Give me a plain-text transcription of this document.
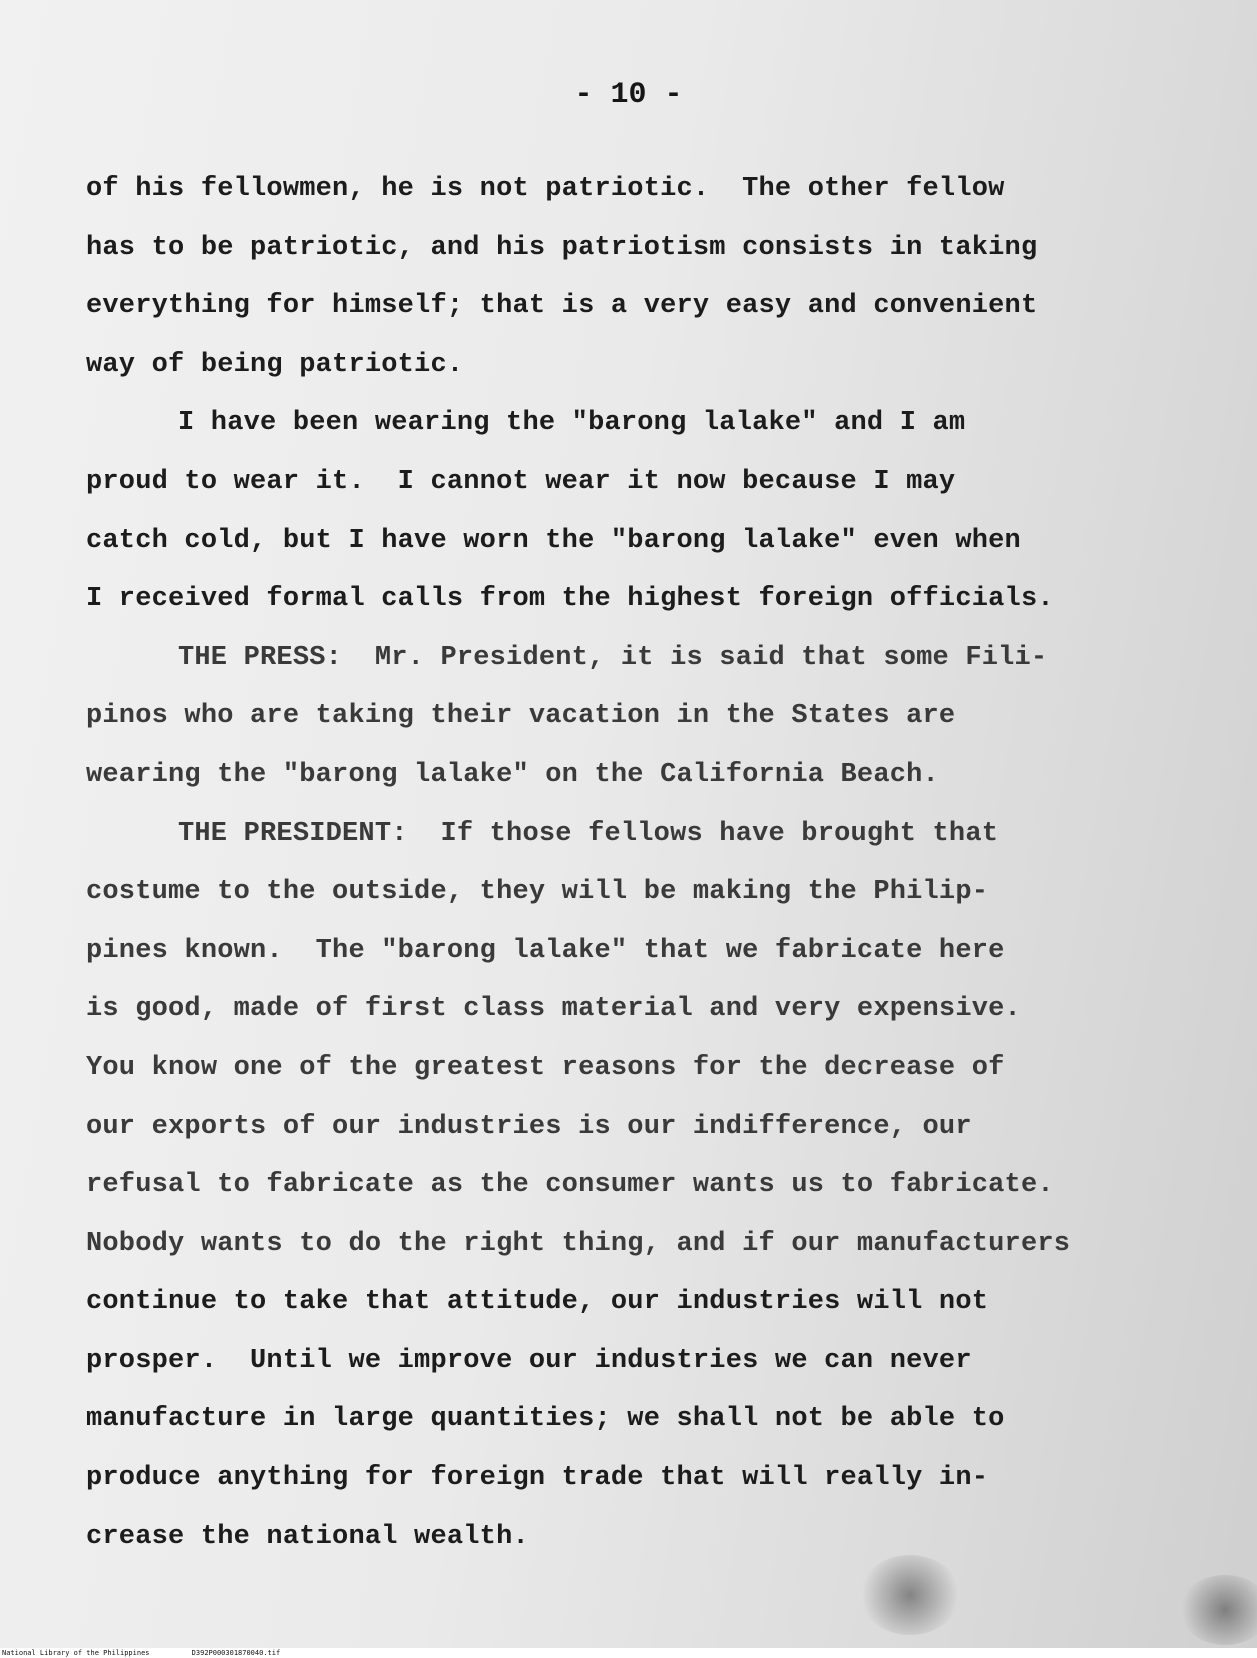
- 10 -
of his fellowmen, he is not patriotic.  The other fellow
has to be patriotic, and his patriotism consists in taking
everything for himself; that is a very easy and convenient
way of being patriotic.
I have been wearing the "barong lalake" and I am
proud to wear it.  I cannot wear it now because I may
catch cold, but I have worn the "barong lalake" even when
I received formal calls from the highest foreign officials.
THE PRESS:  Mr. President, it is said that some Fili-
pinos who are taking their vacation in the States are
wearing the "barong lalake" on the California Beach.
THE PRESIDENT:  If those fellows have brought that
costume to the outside, they will be making the Philip-
pines known.  The "barong lalake" that we fabricate here
is good, made of first class material and very expensive.
You know one of the greatest reasons for the decrease of
our exports of our industries is our indifference, our
refusal to fabricate as the consumer wants us to fabricate.
Nobody wants to do the right thing, and if our manufacturers
continue to take that attitude, our industries will not
prosper.  Until we improve our industries we can never
manufacture in large quantities; we shall not be able to
produce anything for foreign trade that will really in-
crease the national wealth.
National Library of the Philippines	D392P000301870040.tif
